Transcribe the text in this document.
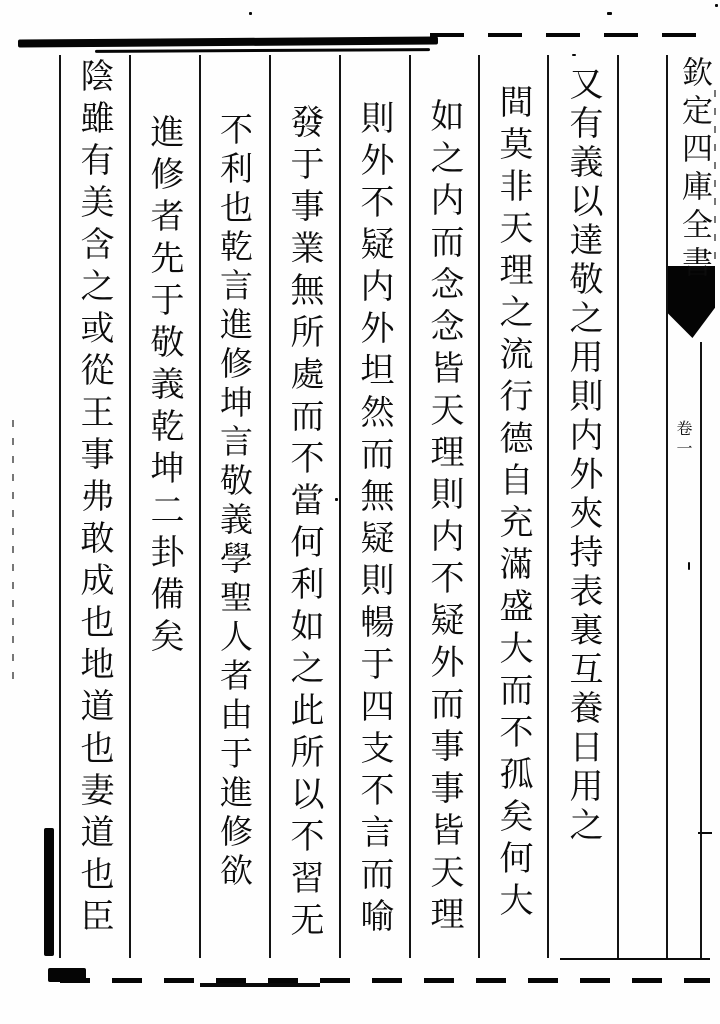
欽定四庫全書
卷一
又有義以達敬之用則内外夾持表裏互養日用之
間莫非天理之流行德自充滿盛大而不孤矣何大
如之内而念念皆天理則内不疑外而事事皆天理
則外不疑内外坦然而無疑則暢于四支不言而喻
發于事業無所處而不當何利如之此所以不習无
不利也乾言進修坤言敬義學聖人者由于進修欲
進修者先于敬義乾坤二卦備矣
陰雖有美含之或從王事弗敢成也地道也妻道也臣
